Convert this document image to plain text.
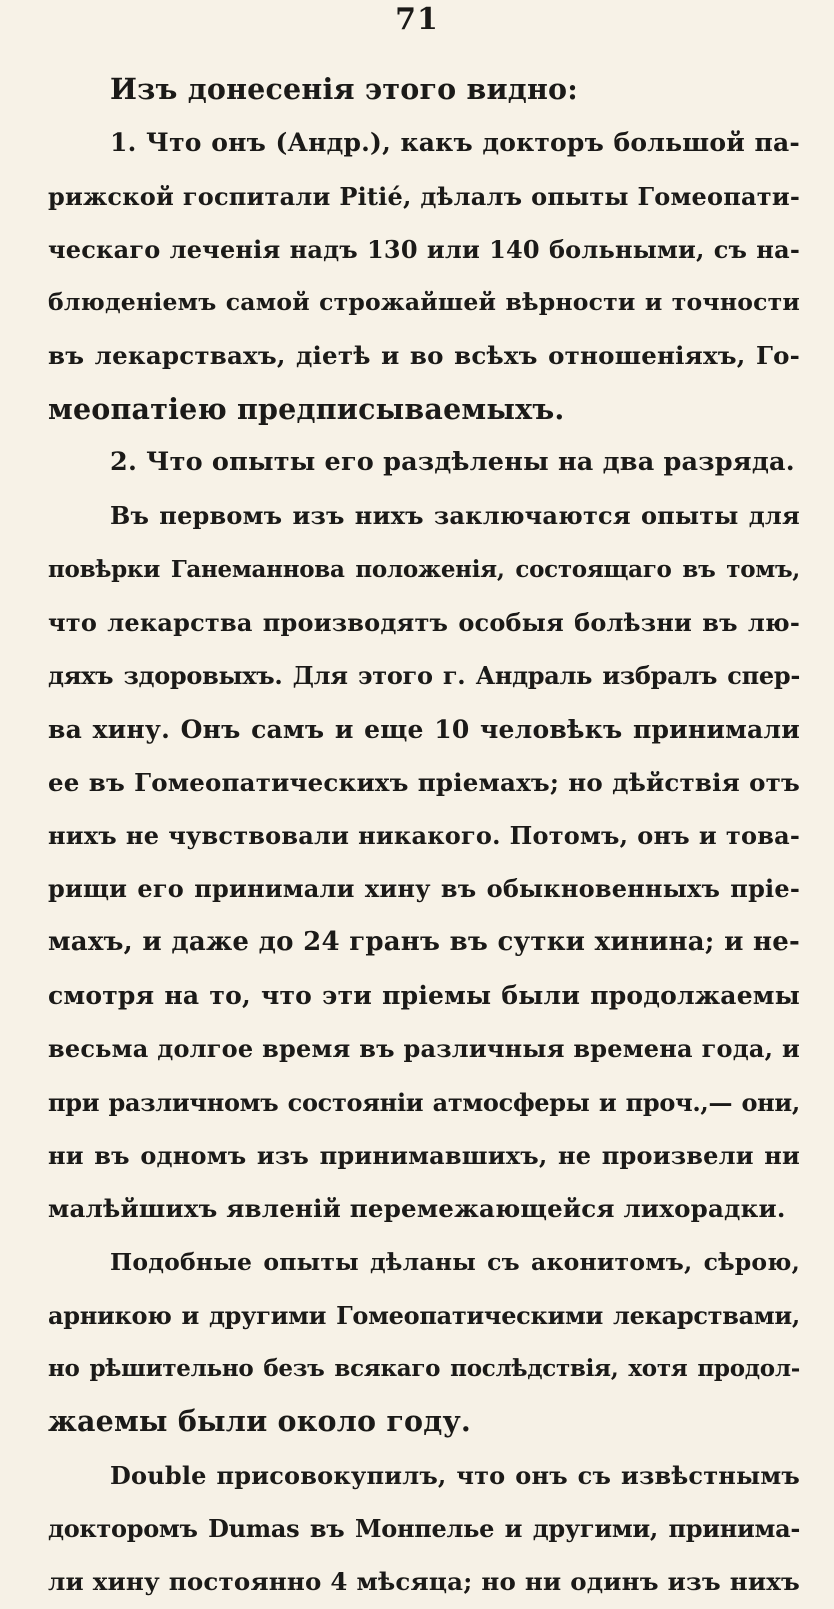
71
Изъ донесенія этого видно:
1. Что онъ (Андр.), какъ докторъ большой па-
рижской госпитали Pitié, дѣлалъ опыты Гомеопати-
ческаго леченія надъ 130 или 140 больными, съ на-
блюденіемъ самой строжайшей вѣрности и точности
въ лекарствахъ, діетѣ и во всѣхъ отношеніяхъ, Го-
меопатіею предписываемыхъ.
2. Что опыты его раздѣлены на два разряда.
Въ первомъ изъ нихъ заключаются опыты для
повѣрки Ганеманнова положенія, состоящаго въ томъ,
что лекарства производятъ особыя болѣзни въ лю-
дяхъ здоровыхъ. Для этого г. Андраль избралъ спер-
ва хину. Онъ самъ и еще 10 человѣкъ принимали
ее въ Гомеопатическихъ пріемахъ; но дѣйствія отъ
нихъ не чувствовали никакого. Потомъ, онъ и това-
рищи его принимали хину въ обыкновенныхъ пріе-
махъ, и даже до 24 гранъ въ сутки хинина; и не-
смотря на то, что эти пріемы были продолжаемы
весьма долгое время въ различныя времена года, и
при различномъ состояніи атмосферы и проч.,— они,
ни въ одномъ изъ принимавшихъ, не произвели ни
малѣйшихъ явленій перемежающейся лихорадки.
Подобные опыты дѣланы съ аконитомъ, сѣрою,
арникою и другими Гомеопатическими лекарствами,
но рѣшительно безъ всякаго послѣдствія, хотя продол-
жаемы были около году.
Double присовокупилъ, что онъ съ извѣстнымъ
докторомъ Dumas въ Монпелье и другими, принима-
ли хину постоянно 4 мѣсяца; но ни одинъ изъ нихъ
